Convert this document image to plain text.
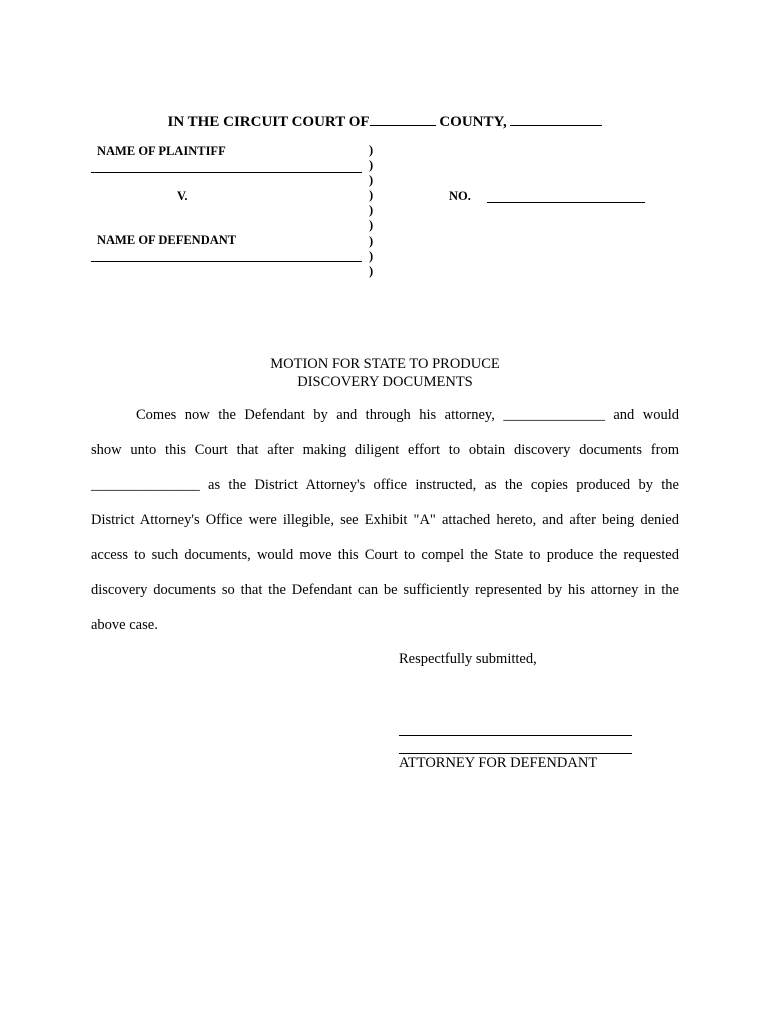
IN THE CIRCUIT COURT OF	COUNTY,
NAME OF PLAINTIFF
V.
NAME OF DEFENDANT
)
)
)
)
)
)
)
)
)
NO.
MOTION FOR STATE TO PRODUCE
DISCOVERY DOCUMENTS
Comes now the Defendant by and through his attorney, ______________ and would
show unto this Court that after making diligent effort to obtain discovery documents from
_______________ as the District Attorney's office instructed, as the copies produced by the
District Attorney's Office were illegible, see Exhibit "A" attached hereto, and after being denied
access to such documents, would move this Court to compel the State to produce the requested
discovery documents so that the Defendant can be sufficiently represented by his attorney in the
above case.
Respectfully submitted,
ATTORNEY FOR DEFENDANT
